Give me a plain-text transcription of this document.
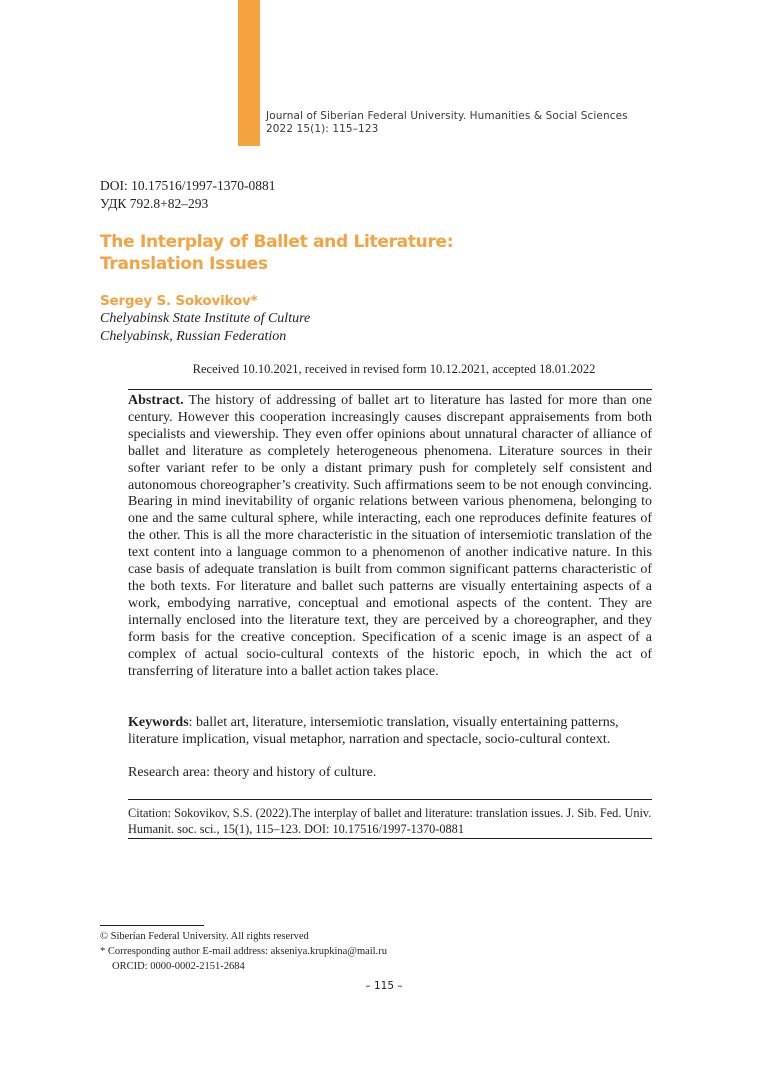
Journal of Siberian Federal University. Humanities & Social Sciences
2022 15(1): 115–123
DOI: 10.17516/1997-1370-0881
УДК 792.8+82–293
The Interplay of Ballet and Literature:
Translation Issues
Sergey S. Sokovikov*
Chelyabinsk State Institute of Culture
Chelyabinsk, Russian Federation
Received 10.10.2021, received in revised form 10.12.2021, accepted 18.01.2022

Abstract. The history of addressing of ballet art to literature has lasted for more than one century. However this cooperation increasingly causes discrepant appraisements from both specialists and viewership. They even offer opinions about unnatural character of alliance of ballet and literature as completely heterogeneous phenomena. Literature sources in their softer variant refer to be only a distant primary push for completely self consistent and autonomous choreographer’s creativity. Such affirmations seem to be not enough convincing. Bearing in mind inevitability of organic relations between various phenomena, belonging to one and the same cultural sphere, while interacting, each one reproduces definite features of the other. This is all the more characteristic in the situation of intersemiotic translation of the text content into a language common to a phenomenon of another indicative nature. In this case basis of adequate translation is built from common significant patterns characteristic of the both texts. For literature and ballet such patterns are visually entertaining aspects of a work, embodying narrative, conceptual and emotional aspects of the content. They are internally enclosed into the literature text, they are perceived by a choreographer, and they form basis for the creative conception. Specification of a scenic image is an aspect of a complex of actual socio-cultural contexts of the historic epoch, in which the act of transferring of literature into a ballet action takes place.

Keywords: ballet art, literature, intersemiotic translation, visually entertaining patterns, literature implication, visual metaphor, narration and spectacle, socio-cultural context.

Research area: theory and history of culture.

Citation: Sokovikov, S.S. (2022).The interplay of ballet and literature: translation issues. J. Sib. Fed. Univ. Humanit. soc. sci., 15(1), 115–123. DOI: 10.17516/1997-1370-0881

© Siberian Federal University. All rights reserved
* Corresponding author E-mail address: akseniya.krupkina@mail.ru
ORCID: 0000-0002-2151-2684
– 115 –
